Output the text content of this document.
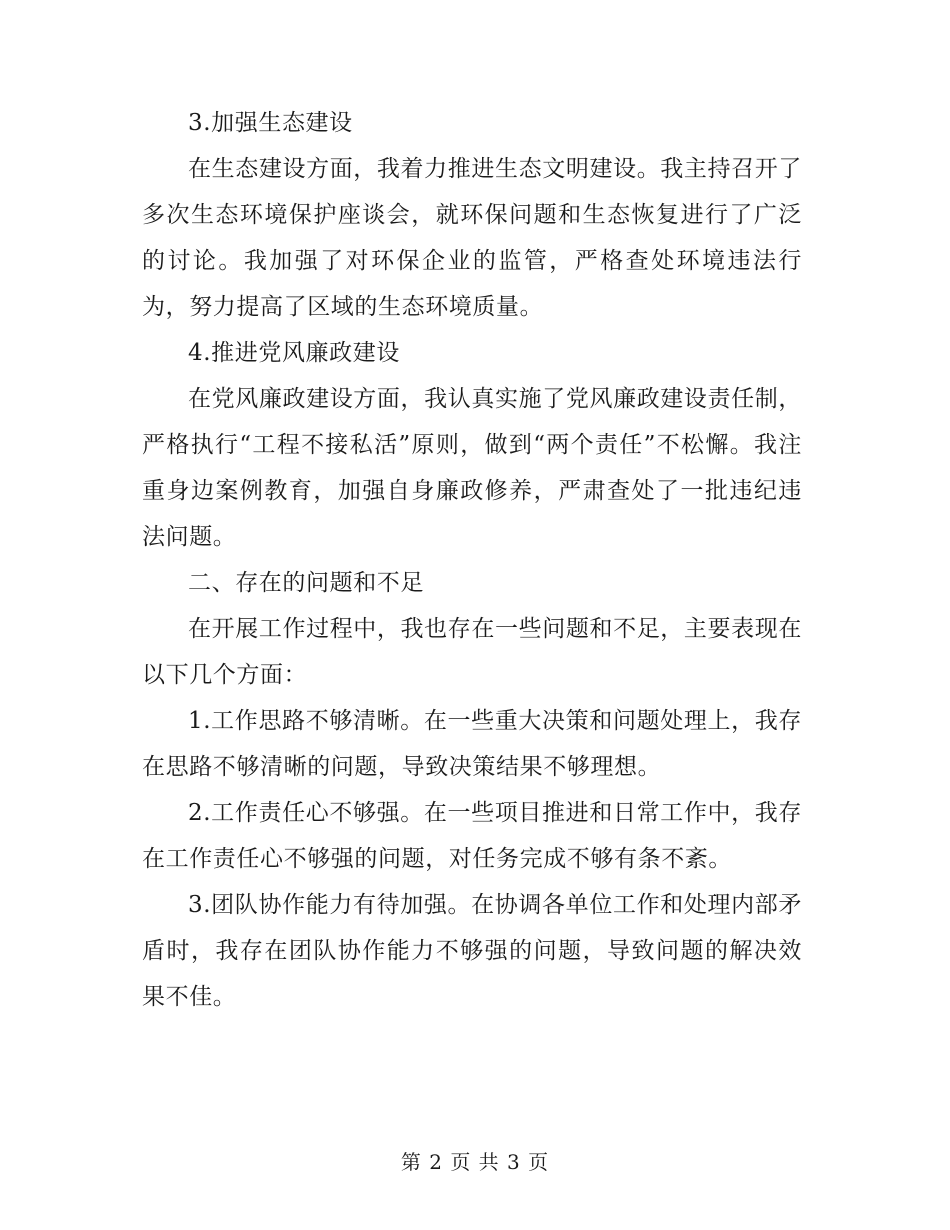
3.加强生态建设

在生态建设方面，我着力推进生态文明建设。我主持召开了多次生态环境保护座谈会，就环保问题和生态恢复进行了广泛的讨论。我加强了对环保企业的监管，严格查处环境违法行为，努力提高了区域的生态环境质量。

4.推进党风廉政建设

在党风廉政建设方面，我认真实施了党风廉政建设责任制，严格执行“工程不接私活”原则，做到“两个责任”不松懈。我注重身边案例教育，加强自身廉政修养，严肃查处了一批违纪违法问题。

二、存在的问题和不足

在开展工作过程中，我也存在一些问题和不足，主要表现在以下几个方面：

1.工作思路不够清晰。在一些重大决策和问题处理上，我存在思路不够清晰的问题，导致决策结果不够理想。

2.工作责任心不够强。在一些项目推进和日常工作中，我存在工作责任心不够强的问题，对任务完成不够有条不紊。

3.团队协作能力有待加强。在协调各单位工作和处理内部矛盾时，我存在团队协作能力不够强的问题，导致问题的解决效果不佳。

第 2 页 共 3 页
